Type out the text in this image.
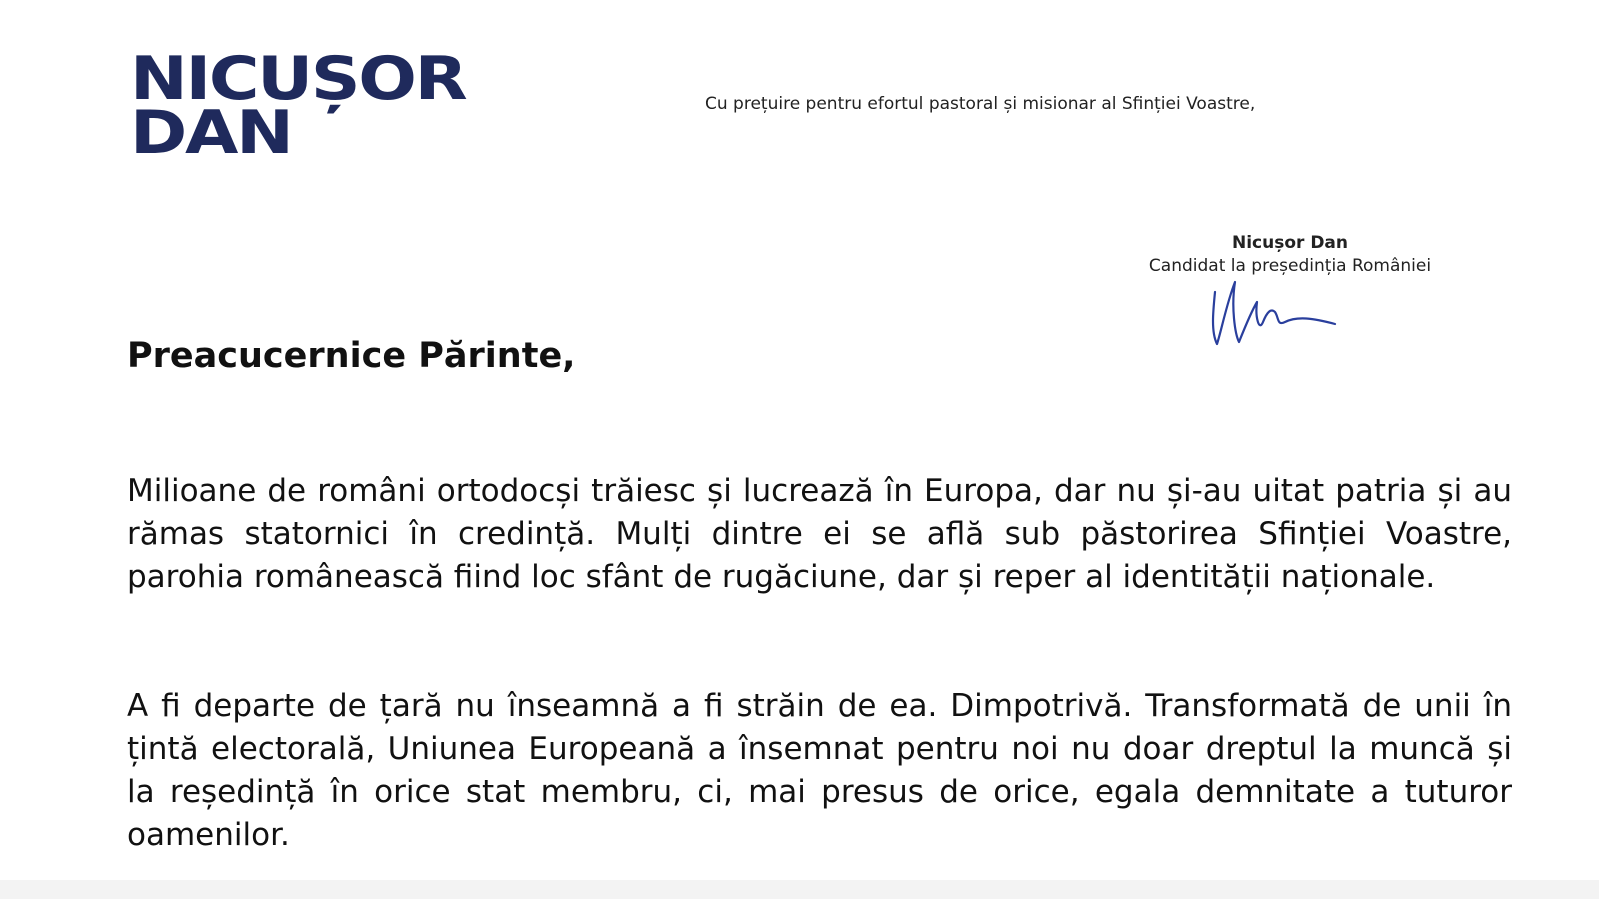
NICUȘOR
DAN	Cu prețuire pentru efortul pastoral și misionar al Sfinției Voastre,
Nicușor Dan
Candidat la președinția României
Preacucernice Părinte,

Milioane de români ortodocși trăiesc și lucrează în Europa, dar nu și-au uitat patria și au rămas statornici în credință. Mulți dintre ei se află sub păstorirea Sfinției Voastre, parohia românească fiind loc sfânt de rugăciune, dar și reper al identității naționale.

A fi departe de țară nu înseamnă a fi străin de ea. Dimpotrivă. Transformată de unii în țintă electorală, Uniunea Europeană a însemnat pentru noi nu doar dreptul la muncă și la reședință în orice stat membru, ci, mai presus de orice, egala demnitate a tuturor oamenilor.
